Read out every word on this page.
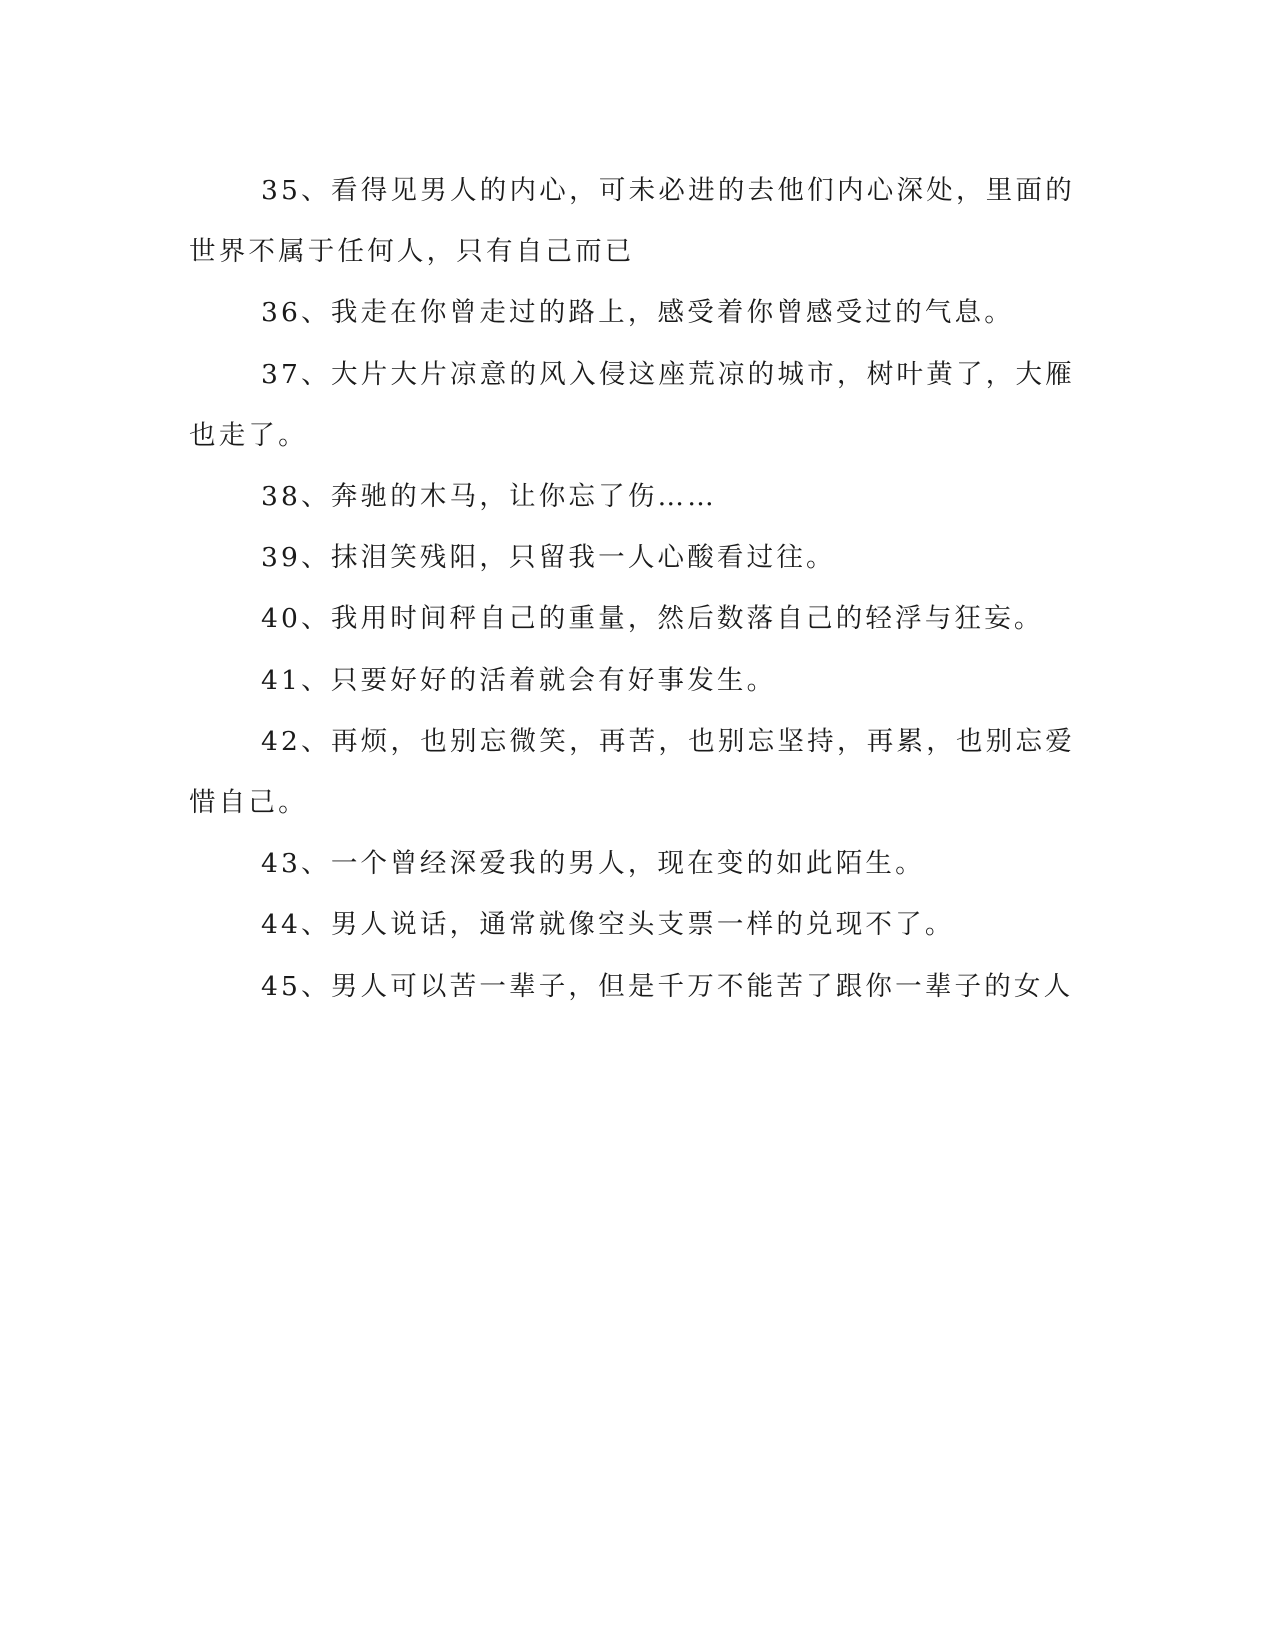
35、看得见男人的内心，可未必进的去他们内心深处，里面的世界不属于任何人，只有自己而已

36、我走在你曾走过的路上，感受着你曾感受过的气息。

37、大片大片凉意的风入侵这座荒凉的城市，树叶黄了，大雁也走了。

38、奔驰的木马，让你忘了伤……

39、抹泪笑残阳，只留我一人心酸看过往。

40、我用时间秤自己的重量，然后数落自己的轻浮与狂妄。

41、只要好好的活着就会有好事发生。

42、再烦，也别忘微笑，再苦，也别忘坚持，再累，也别忘爱惜自己。

43、一个曾经深爱我的男人，现在变的如此陌生。

44、男人说话，通常就像空头支票一样的兑现不了。

45、男人可以苦一辈子，但是千万不能苦了跟你一辈子的女人
